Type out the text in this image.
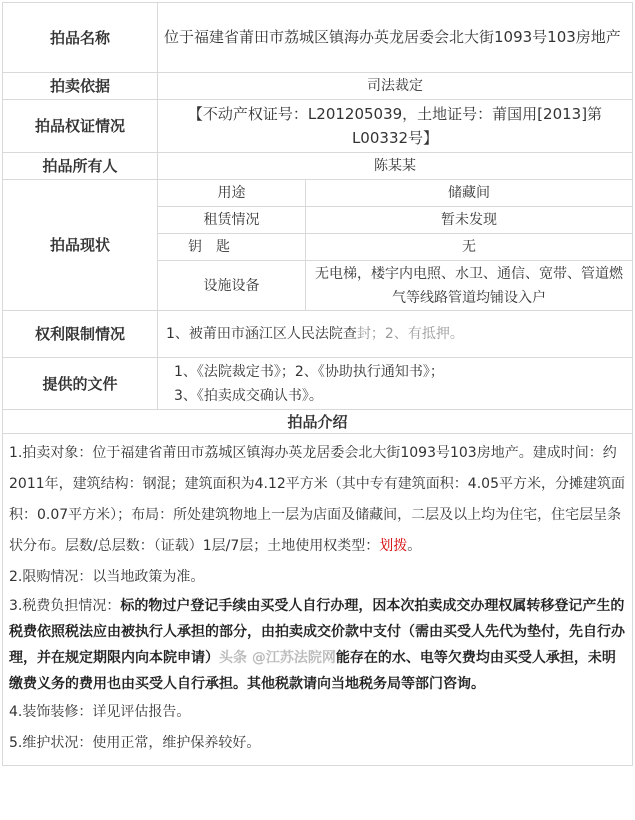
拍品名称	位于福建省莆田市荔城区镇海办英龙居委会北大街1093号103房地产	
拍卖依据	司法裁定	
拍品权证情况	【不动产权证号：L201205039，土地证号：莆国用[2013]第L00332号】	
拍品所有人	陈某某	
拍品现状	用途	储藏间
	租赁情况	暂未发现
	钥　匙	无
	设施设备	无电梯，楼宇内电照、水卫、通信、宽带、管道燃气等线路管道均铺设入户
权利限制情况	1、被莆田市涵江区人民法院查封；2、有抵押。	
提供的文件	1、《法院裁定书》；2、《协助执行通知书》；
3、《拍卖成交确认书》。	

拍品介绍		

1.拍卖对象：位于福建省莆田市荔城区镇海办英龙居委会北大街1093号103房地产。建成时间：约2011年，建筑结构：钢混；建筑面积为4.12平方米（其中专有建筑面积：4.05平方米，分摊建筑面积：0.07平方米）；布局：所处建筑物地上一层为店面及储藏间，二层及以上均为住宅，住宅层呈条状分布。层数/总层数：（证载）1层/7层；土地使用权类型：划拨。

2.限购情况：以当地政策为准。

3.税费负担情况：标的物过户登记手续由买受人自行办理，因本次拍卖成交办理权属转移登记产生的税费依照税法应由被执行人承担的部分，由拍卖成交价款中支付（需由买受人先代为垫付，先自行办理，并在规定期限内向本院申请）头条 @江苏法院网能存在的水、电等欠费均由买受人承担，未明缴费义务的费用也由买受人自行承担。其他税款请向当地税务局等部门咨询。

4.装饰装修：详见评估报告。

5.维护状况：使用正常，维护保养较好。		
